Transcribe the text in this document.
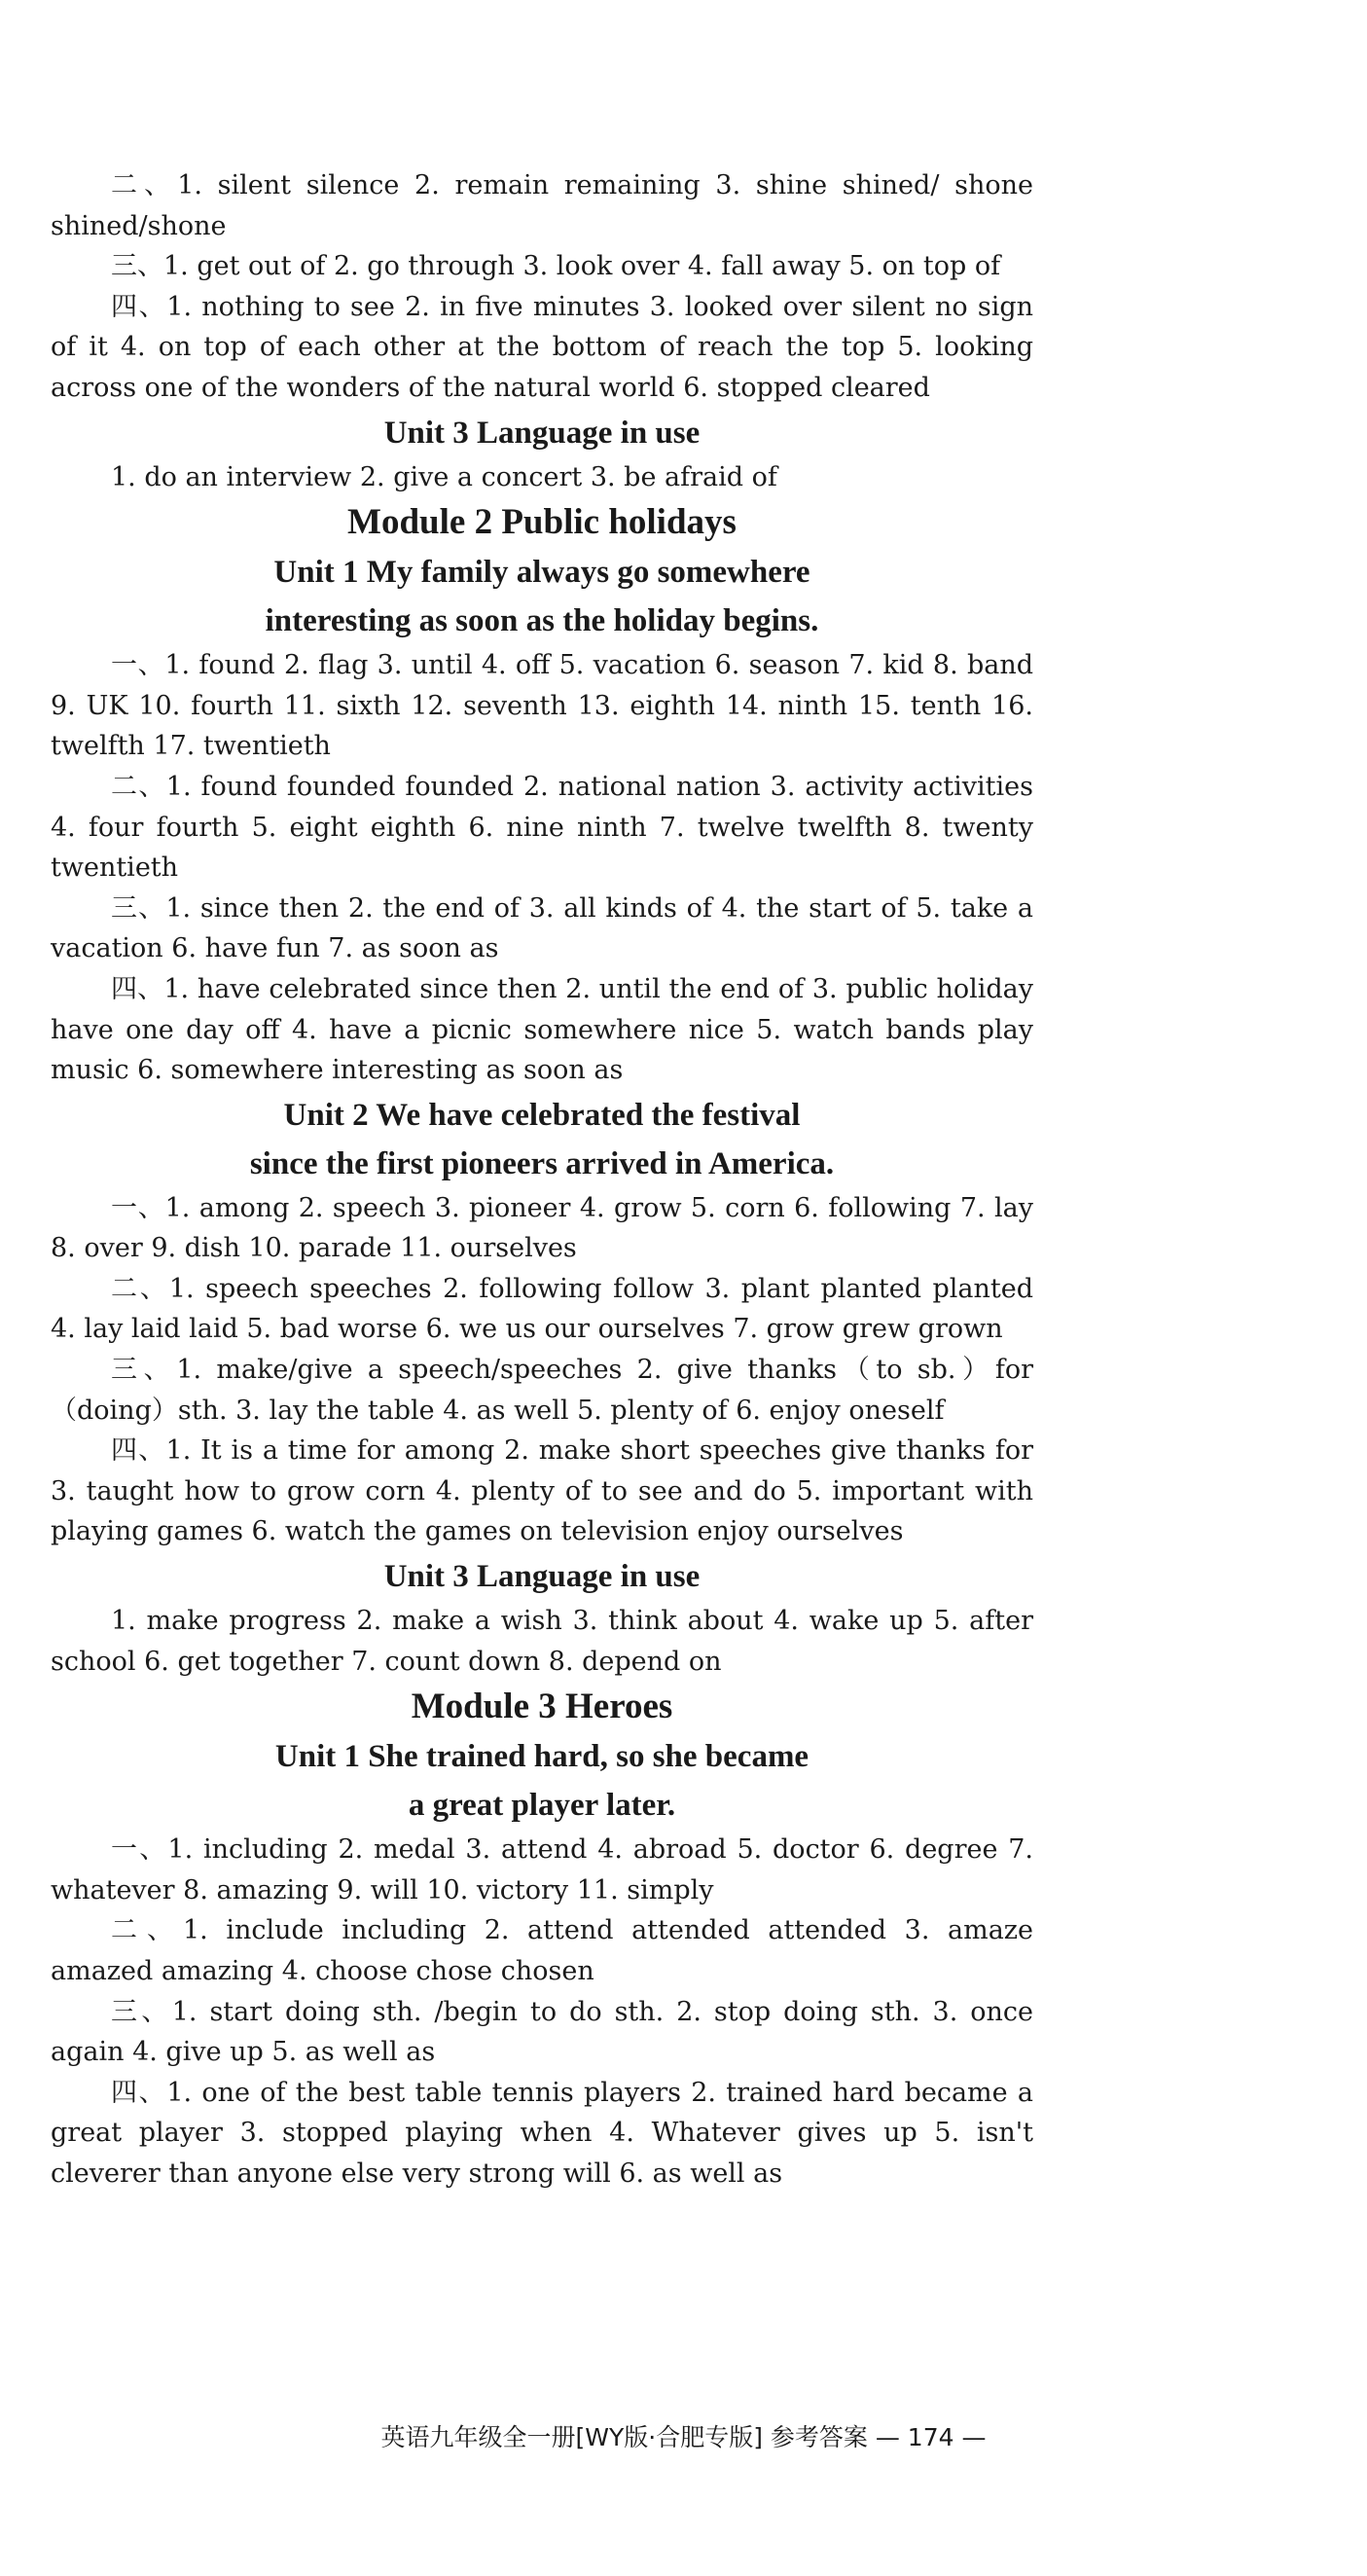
二、1. silent silence 2. remain remaining 3. shine shined/ shone shined/shone
三、1. get out of 2. go through 3. look over 4. fall away 5. on top of
四、1. nothing to see 2. in five minutes 3. looked over silent no sign of it 4. on top of each other at the bottom of reach the top 5. looking across one of the wonders of the natural world 6. stopped cleared
Unit 3 Language in use
1. do an interview 2. give a concert 3. be afraid of
Module 2 Public holidays
Unit 1 My family always go somewhere
interesting as soon as the holiday begins.
一、1. found 2. flag 3. until 4. off 5. vacation 6. season 7. kid 8. band 9. UK 10. fourth 11. sixth 12. seventh 13. eighth 14. ninth 15. tenth 16. twelfth 17. twentieth
二、1. found founded founded 2. national nation 3. activity activities 4. four fourth 5. eight eighth 6. nine ninth 7. twelve twelfth 8. twenty twentieth
三、1. since then 2. the end of 3. all kinds of 4. the start of 5. take a vacation 6. have fun 7. as soon as
四、1. have celebrated since then 2. until the end of 3. public holiday have one day off 4. have a picnic somewhere nice 5. watch bands play music 6. somewhere interesting as soon as
Unit 2 We have celebrated the festival
since the first pioneers arrived in America.
一、1. among 2. speech 3. pioneer 4. grow 5. corn 6. following 7. lay 8. over 9. dish 10. parade 11. ourselves
二、1. speech speeches 2. following follow 3. plant planted planted 4. lay laid laid 5. bad worse 6. we us our ourselves 7. grow grew grown
三、1. make/give a speech/speeches 2. give thanks（to sb.）for（doing）sth. 3. lay the table 4. as well 5. plenty of 6. enjoy oneself
四、1. It is a time for among 2. make short speeches give thanks for 3. taught how to grow corn 4. plenty of to see and do 5. important with playing games 6. watch the games on television enjoy ourselves
Unit 3 Language in use
1. make progress 2. make a wish 3. think about 4. wake up 5. after school 6. get together 7. count down 8. depend on
Module 3 Heroes
Unit 1 She trained hard, so she became
a great player later.
一、1. including 2. medal 3. attend 4. abroad 5. doctor 6. degree 7. whatever 8. amazing 9. will 10. victory 11. simply
二、1. include including 2. attend attended attended 3. amaze amazed amazing 4. choose chose chosen
三、1. start doing sth. /begin to do sth. 2. stop doing sth. 3. once again 4. give up 5. as well as
四、1. one of the best table tennis players 2. trained hard became a great player 3. stopped playing when 4. Whatever gives up 5. isn't cleverer than anyone else very strong will 6. as well as
英语九年级全一册[WY版·合肥专版] 参考答案 — 174 —
